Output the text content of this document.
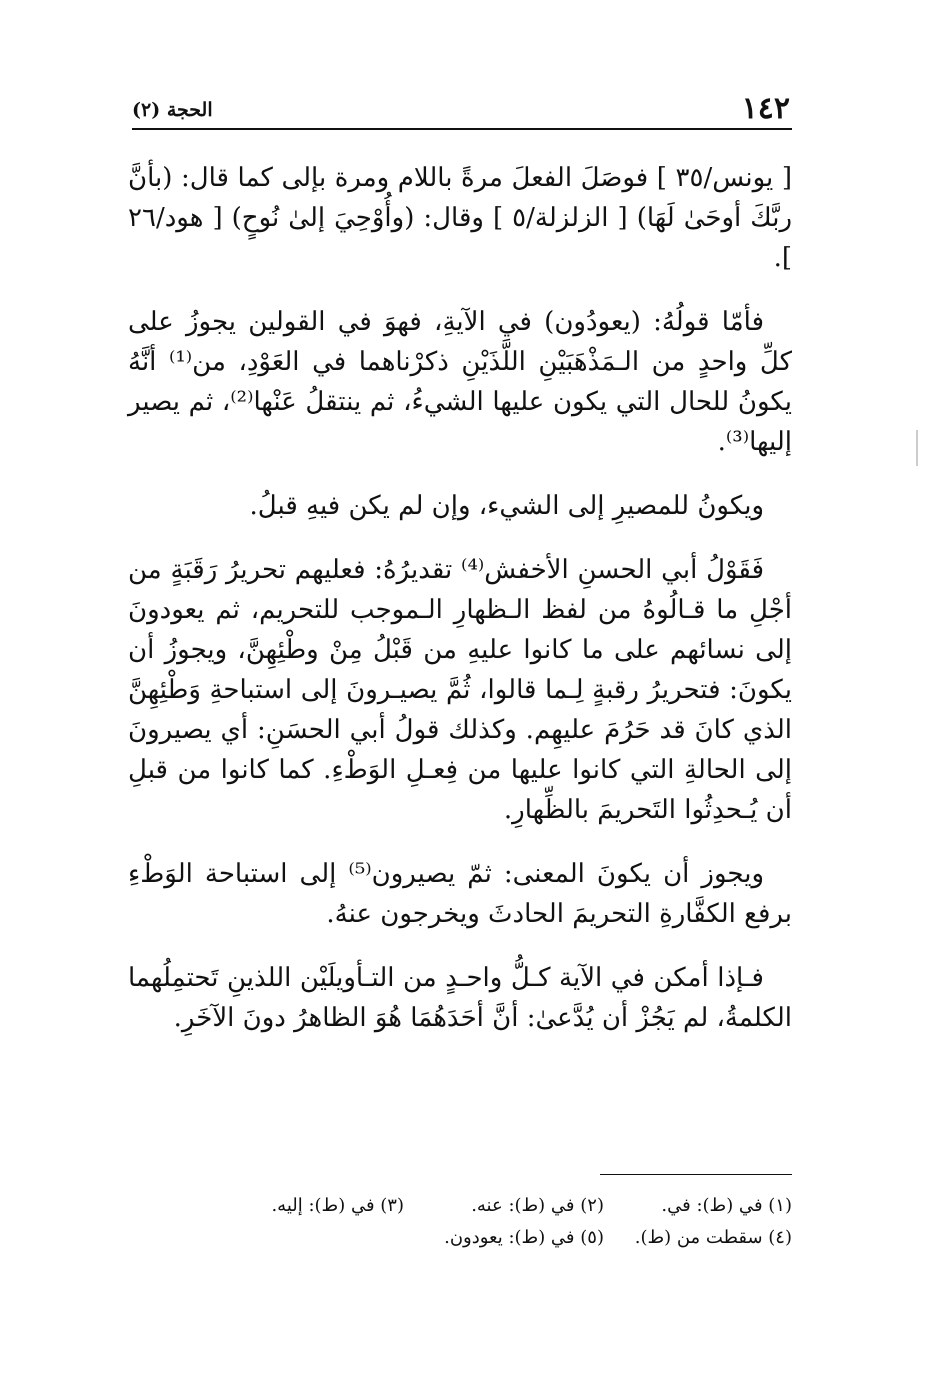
١٤٢
الحجة (٢)

[ يونس/٣٥ ] فوصَلَ الفعلَ مرةً باللام ومرة بإلى كما قال: (بأنَّ ربَّكَ أوحَىٰ لَهَا) [ الزلزلة/٥ ] وقال: (وأُوْحِيَ إلىٰ نُوحٍ) [ هود/٢٦ ].

فأمّا قولُهُ: (يعودُون) في الآيةِ، فهوَ في القولين يجوزُ على كلِّ واحدٍ من الـمَذْهَبَيْنِ اللَّذَيْنِ ذكرْناهما في العَوْدِ، من⁽¹⁾ أنَّهُ يكونُ للحال التي يكون عليها الشيءُ، ثم ينتقلُ عَنْها⁽²⁾، ثم يصير إليها⁽³⁾.

ويكونُ للمصيرِ إلى الشيء، وإن لم يكن فيهِ قبلُ.

فَقَوْلُ أبي الحسنِ الأخفش⁽⁴⁾ تقديرُهُ: فعليهم تحريرُ رَقَبَةٍ من أجْلِ ما قـالُوهُ من لفظ الـظهارِ الـموجب للتحريم، ثم يعودونَ إلى نسائهم على ما كانوا عليهِ من قَبْلُ مِنْ وطْئِهِنَّ، ويجوزُ أن يكونَ: فتحريرُ رقبةٍ لِـما قالوا، ثُمَّ يصيـرونَ إلى استباحةِ وَطْئِهِنَّ الذي كانَ قد حَرُمَ عليهِم. وكذلك قولُ أبي الحسَنِ: أي يصيرونَ إلى الحالةِ التي كانوا عليها من فِعـلِ الوَطْءِ. كما كانوا من قبلِ أن يُـحدِثُوا التَحريمَ بالظِّهارِ.

ويجوز أن يكونَ المعنى: ثمّ يصيرون⁽⁵⁾ إلى استباحة الوَطْءِ برفع الكفَّارةِ التحريمَ الحادثَ ويخرجون عنهُ.

فـإذا أمكن في الآية كـلُّ واحـدٍ من التـأويلَيْن اللذينِ تَحتمِلُهما الكلمةُ، لم يَجُزْ أن يُدَّعىٰ: أنَّ أحَدَهُمَا هُوَ الظاهرُ دونَ الآخَرِ.

(١) في (ط): في.
(٢) في (ط): عنه.
(٣) في (ط): إليه.
(٤) سقطت من (ط).
(٥) في (ط): يعودون.
